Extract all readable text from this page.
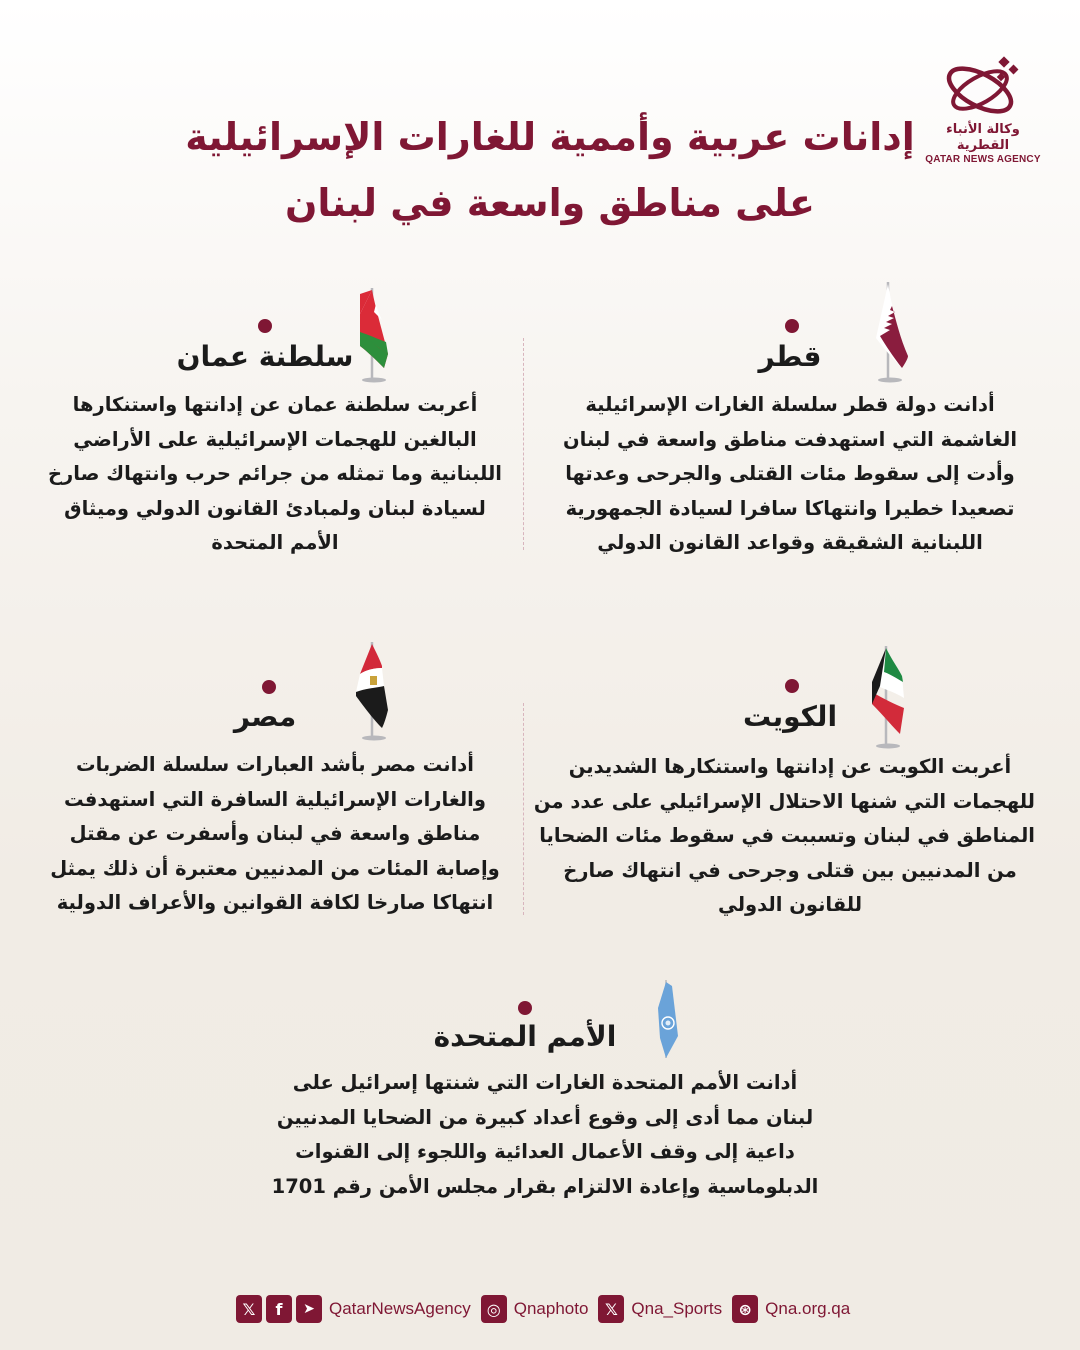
وكالة الأنباء القطرية
QATAR NEWS AGENCY
إدانات عربية وأممية للغارات الإسرائيلية
على مناطق واسعة في لبنان
قطر
أدانت دولة قطر سلسلة الغارات الإسرائيلية
الغاشمة التي استهدفت مناطق واسعة في لبنان
وأدت إلى سقوط مئات القتلى والجرحى وعدتها
تصعيدا خطيرا وانتهاكا سافرا لسيادة الجمهورية
اللبنانية الشقيقة وقواعد القانون الدولي
سلطنة عمان
أعربت سلطنة عمان عن إدانتها واستنكارها
البالغين للهجمات الإسرائيلية على الأراضي
اللبنانية وما تمثله من جرائم حرب وانتهاك صارخ
لسيادة لبنان ولمبادئ القانون الدولي وميثاق
الأمم المتحدة
الكويت
أعربت الكويت عن إدانتها واستنكارها الشديدين
للهجمات التي شنها الاحتلال الإسرائيلي على عدد من
المناطق في لبنان وتسببت في سقوط مئات الضحايا
من المدنيين بين قتلى وجرحى في انتهاك صارخ
للقانون الدولي
مصر
أدانت مصر بأشد العبارات سلسلة الضربات
والغارات الإسرائيلية السافرة التي استهدفت
مناطق واسعة في لبنان وأسفرت عن مقتل
وإصابة المئات من المدنيين معتبرة أن ذلك يمثل
انتهاكا صارخا لكافة القوانين والأعراف الدولية
الأمم المتحدة
أدانت الأمم المتحدة الغارات التي شنتها إسرائيل على
لبنان مما أدى إلى وقوع أعداد كبيرة من الضحايا المدنيين
داعية إلى وقف الأعمال العدائية واللجوء إلى القنوات
الدبلوماسية وإعادة الالتزام بقرار مجلس الأمن رقم 1701
𝕏	f	➤ QatarNewsAgency	◎ Qnaphoto	𝕏 Qna_Sports	⊛ Qna.org.qa
